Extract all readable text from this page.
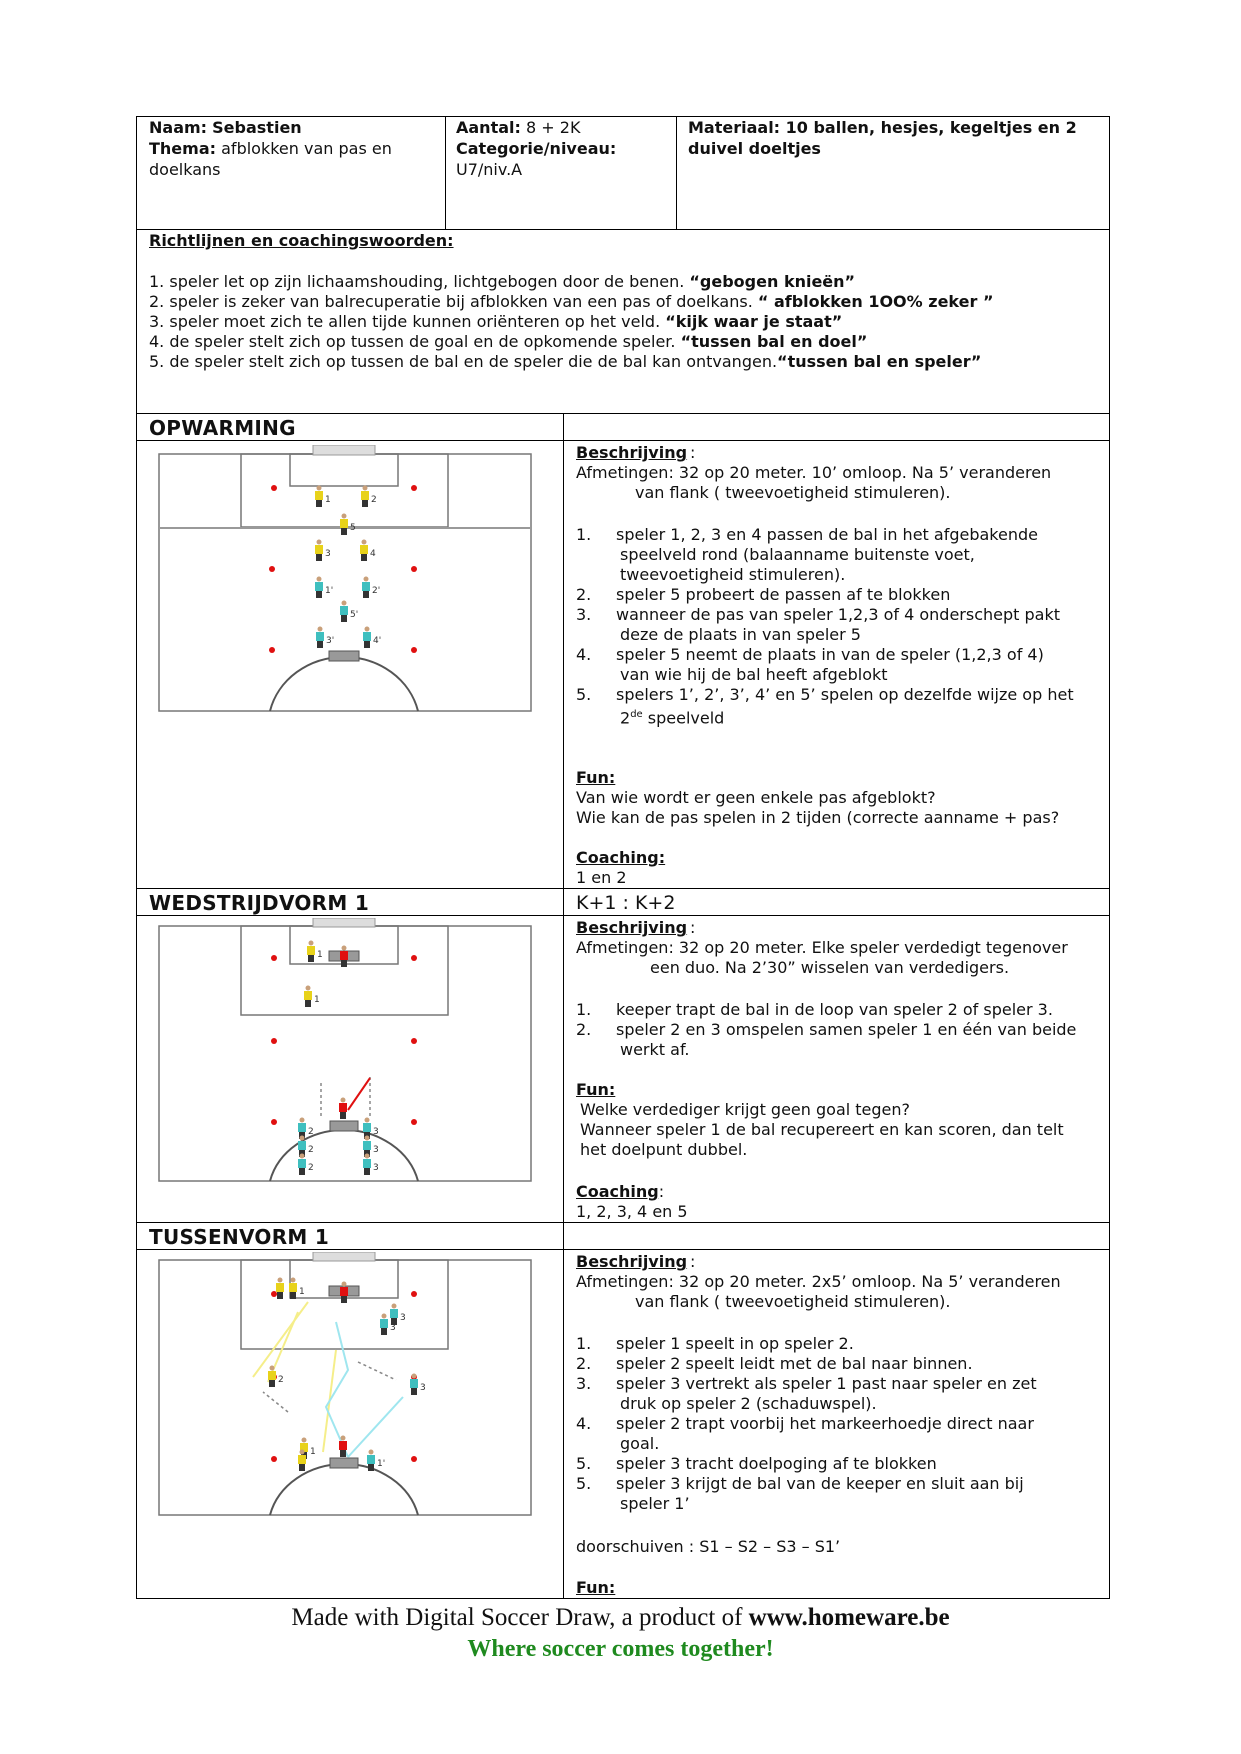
Naam: Sebastien
Thema: afblokken van pas en
doelkans
Aantal: 8 + 2K
Categorie/niveau:
U7/niv.A
Materiaal: 10 ballen, hesjes, kegeltjes en 2
duivel doeltjes
Richtlijnen en coachingswoorden:
1. speler let op zijn lichaamshouding, lichtgebogen door de benen. “gebogen knieën”
2. speler is zeker van balrecuperatie bij afblokken van een pas of doelkans. “ afblokken 1OO% zeker ”
3. speler moet zich te allen tijde kunnen oriënteren op het veld. “kijk waar je staat”
4. de speler stelt zich op tussen de goal en de opkomende speler. “tussen bal en doel”
5. de speler stelt zich op tussen de bal en de speler die de bal kan ontvangen.“tussen bal en speler”
OPWARMING
1	2
3	4
5
1'	2'
3'	4'
5'
Beschrijving :
Afmetingen: 32 op 20 meter. 10’ omloop. Na 5’ veranderen
van flank ( tweevoetigheid stimuleren).
1. speler 1, 2, 3 en 4 passen de bal in het afgebakende
speelveld rond (balaanname buitenste voet,
tweevoetigheid stimuleren).
2. speler 5 probeert de passen af te blokken
3. wanneer de pas van speler 1,2,3 of 4 onderschept pakt
deze de plaats in van speler 5
4. speler 5 neemt de plaats in van de speler (1,2,3 of 4)
van wie hij de bal heeft afgeblokt
5. spelers 1’, 2’, 3’, 4’ en 5’ spelen op dezelfde wijze op het
2de speelveld
Fun:
Van wie wordt er geen enkele pas afgeblokt?
Wie kan de pas spelen in 2 tijden (correcte aanname + pas?
Coaching:
1 en 2
WEDSTRIJDVORM 1	K+1 : K+2
1
1
2
2
2
3
3
3
Beschrijving :
Afmetingen: 32 op 20 meter. Elke speler verdedigt tegenover
een duo. Na 2’30” wisselen van verdedigers.
1. keeper trapt de bal in de loop van speler 2 of speler 3.
2. speler 2 en 3 omspelen samen speler 1 en één van beide
werkt af.
Fun:
Welke verdediger krijgt geen goal tegen?
Wanneer speler 1 de bal recupereert en kan scoren, dan telt
het doelpunt dubbel.
Coaching:
1, 2, 3, 4 en 5
TUSSENVORM 1
1
2
1
3
3
3
1'
Beschrijving :
Afmetingen: 32 op 20 meter. 2x5’ omloop. Na 5’ veranderen
van flank ( tweevoetigheid stimuleren).
1. speler 1 speelt in op speler 2.
2. speler 2 speelt leidt met de bal naar binnen.
3. speler 3 vertrekt als speler 1 past naar speler en zet
druk op speler 2 (schaduwspel).
4. speler 2 trapt voorbij het markeerhoedje direct naar
goal.
5. speler 3 tracht doelpoging af te blokken
5. speler 3 krijgt de bal van de keeper en sluit aan bij
speler 1’
doorschuiven : S1 – S2 – S3 – S1’
Fun:
Made with Digital Soccer Draw, a product of www.homeware.be
Where soccer comes together!
